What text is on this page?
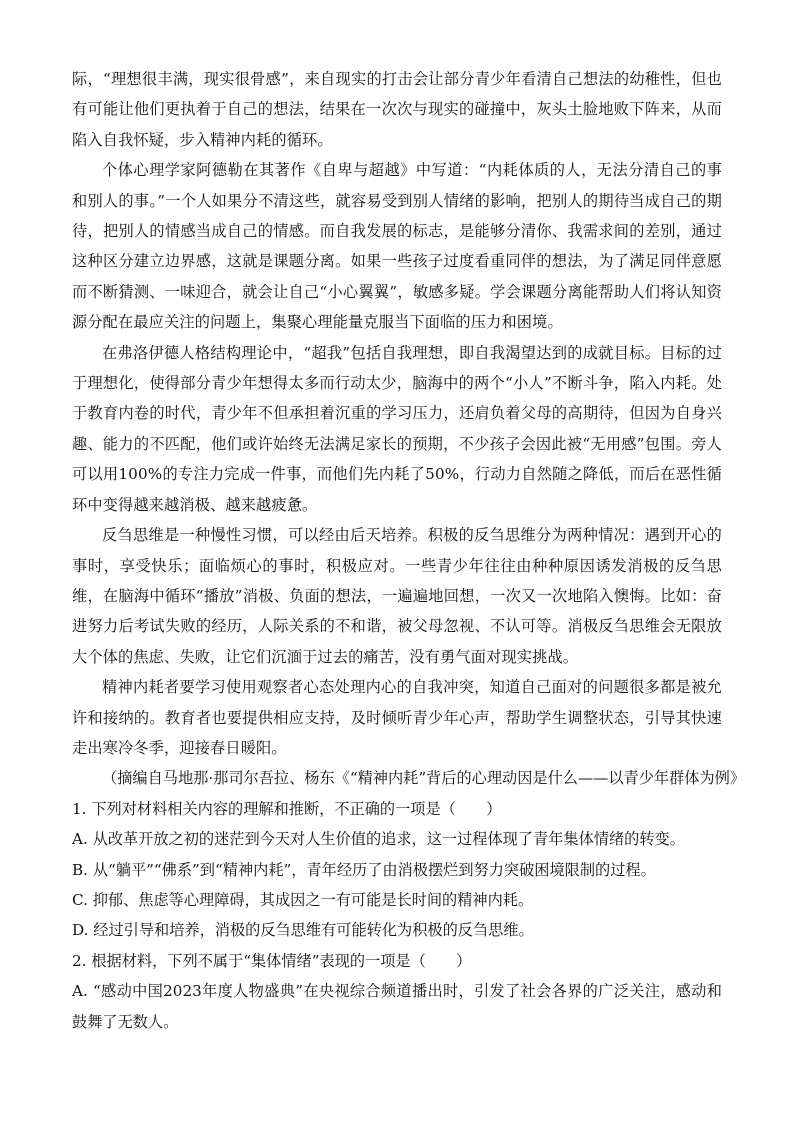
际，“理想很丰满，现实很骨感”，来自现实的打击会让部分青少年看清自己想法的幼稚性，但也有可能让他们更执着于自己的想法，结果在一次次与现实的碰撞中，灰头土脸地败下阵来，从而陷入自我怀疑，步入精神内耗的循环。

个体心理学家阿德勒在其著作《自卑与超越》中写道：“内耗体质的人，无法分清自己的事和别人的事。”一个人如果分不清这些，就容易受到别人情绪的影响，把别人的期待当成自己的期待，把别人的情感当成自己的情感。而自我发展的标志，是能够分清你、我需求间的差别，通过这种区分建立边界感，这就是课题分离。如果一些孩子过度看重同伴的想法，为了满足同伴意愿而不断猜测、一味迎合，就会让自己“小心翼翼”，敏感多疑。学会课题分离能帮助人们将认知资源分配在最应关注的问题上，集聚心理能量克服当下面临的压力和困境。

在弗洛伊德人格结构理论中，“超我”包括自我理想，即自我渴望达到的成就目标。目标的过于理想化，使得部分青少年想得太多而行动太少，脑海中的两个“小人”不断斗争，陷入内耗。处于教育内卷的时代，青少年不但承担着沉重的学习压力，还肩负着父母的高期待，但因为自身兴趣、能力的不匹配，他们或许始终无法满足家长的预期，不少孩子会因此被“无用感”包围。旁人可以用100%的专注力完成一件事，而他们先内耗了50%，行动力自然随之降低，而后在恶性循环中变得越来越消极、越来越疲惫。

反刍思维是一种慢性习惯，可以经由后天培养。积极的反刍思维分为两种情况：遇到开心的事时，享受快乐；面临烦心的事时，积极应对。一些青少年往往由种种原因诱发消极的反刍思维，在脑海中循环“播放”消极、负面的想法，一遍遍地回想，一次又一次地陷入懊悔。比如：奋进努力后考试失败的经历，人际关系的不和谐，被父母忽视、不认可等。消极反刍思维会无限放大个体的焦虑、失败，让它们沉湎于过去的痛苦，没有勇气面对现实挑战。

精神内耗者要学习使用观察者心态处理内心的自我冲突，知道自己面对的问题很多都是被允许和接纳的。教育者也要提供相应支持，及时倾听青少年心声，帮助学生调整状态，引导其快速走出寒冷冬季，迎接春日暖阳。

（摘编自马地那·那司尔吾拉、杨东《“精神内耗”背后的心理动因是什么——以青少年群体为例》

1. 下列对材料相关内容的理解和推断，不正确的一项是（　　）

A. 从改革开放之初的迷茫到今天对人生价值的追求，这一过程体现了青年集体情绪的转变。

B. 从“躺平”“佛系”到“精神内耗”，青年经历了由消极摆烂到努力突破困境限制的过程。

C. 抑郁、焦虑等心理障碍，其成因之一有可能是长时间的精神内耗。

D. 经过引导和培养，消极的反刍思维有可能转化为积极的反刍思维。

2. 根据材料，下列不属于“集体情绪”表现的一项是（　　）

A. “感动中国2023年度人物盛典”在央视综合频道播出时，引发了社会各界的广泛关注，感动和鼓舞了无数人。
